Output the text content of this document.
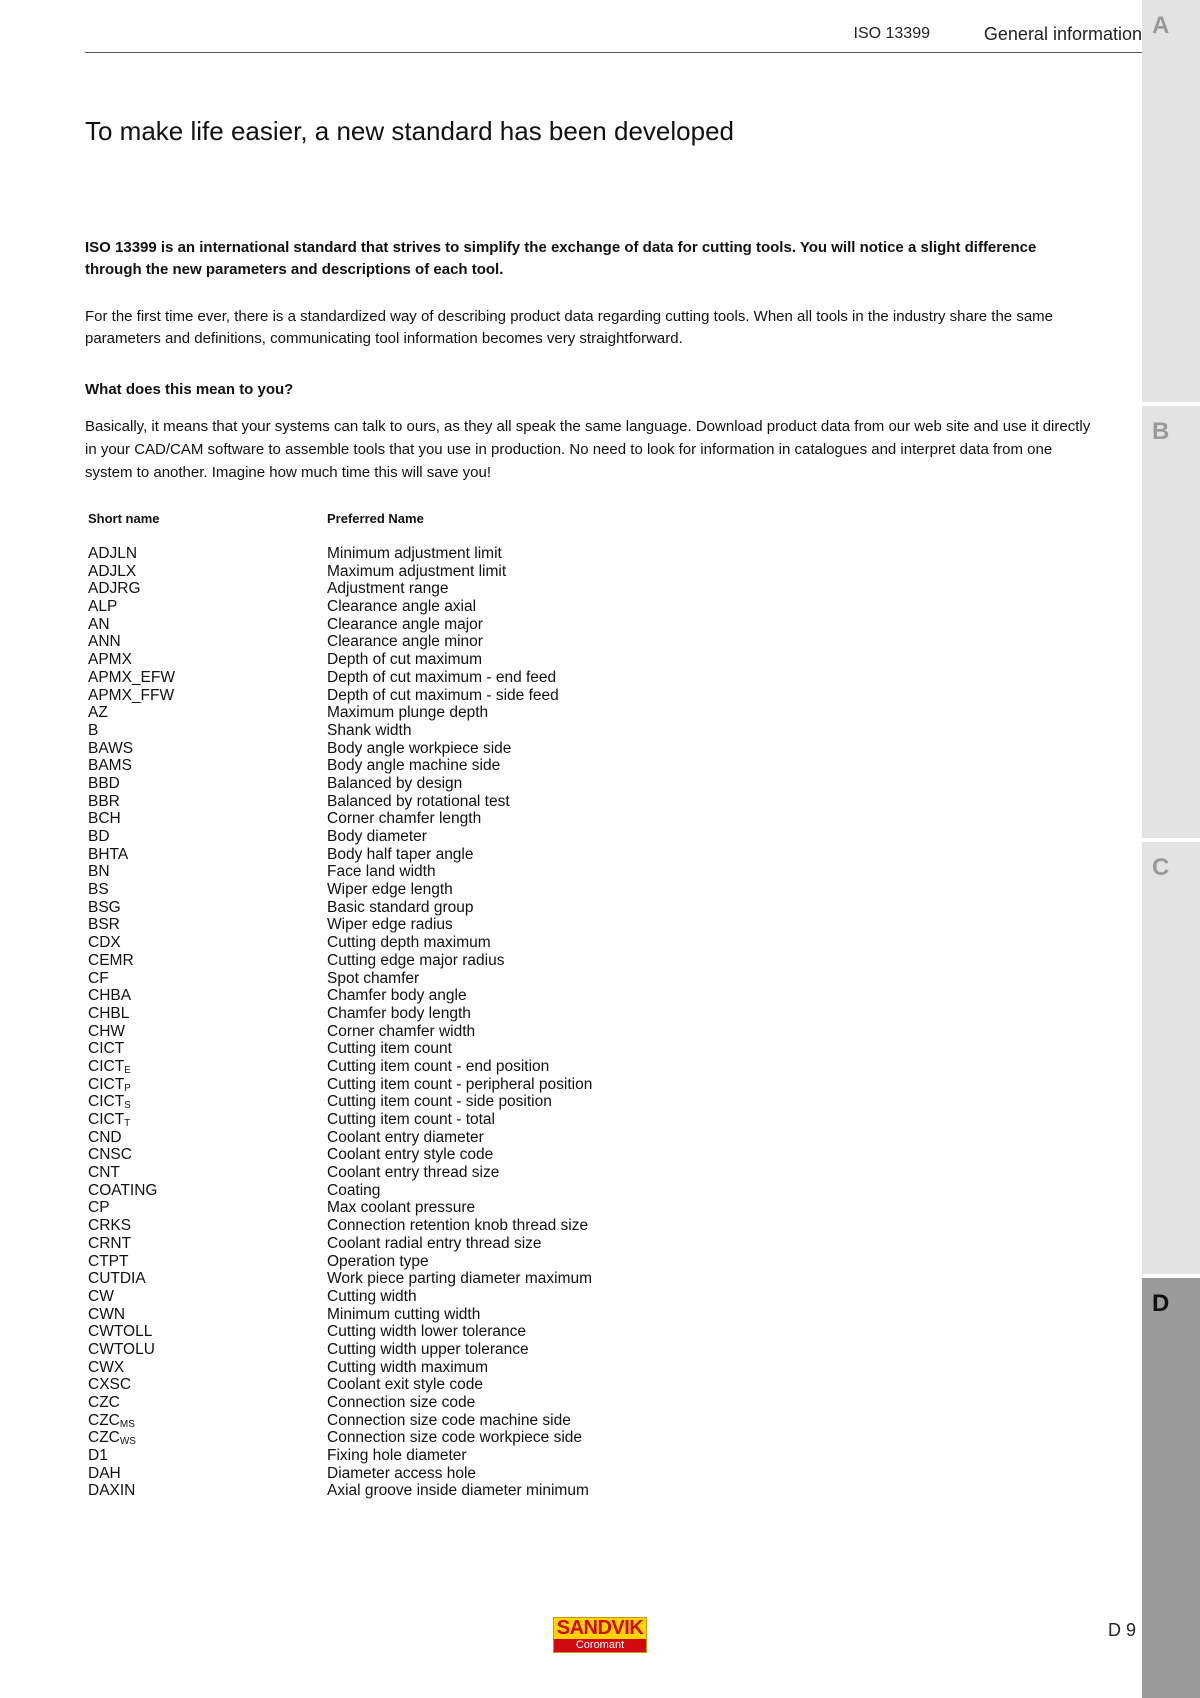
ISO 13399	General information A
B
C
D
To make life easier, a new standard has been developed

ISO 13399 is an international standard that strives to simplify the exchange of data for cutting tools. You will notice a slight difference through the new parameters and descriptions of each tool.

For the first time ever, there is a standardized way of describing product data regarding cutting tools. When all tools in the industry share the same parameters and definitions, communicating tool information becomes very straightforward.

What does this mean to you?

Basically, it means that your systems can talk to ours, as they all speak the same language. Download product data from our web site and use it directly in your CAD/CAM software to assemble tools that you use in production. No need to look for information in catalogues and interpret data from one system to another. Imagine how much time this will save you!

Short name	Preferred Name
ADJLN	Minimum adjustment limit
ADJLX	Maximum adjustment limit
ADJRG	Adjustment range
ALP	Clearance angle axial
AN	Clearance angle major
ANN	Clearance angle minor
APMX	Depth of cut maximum
APMX_EFW	Depth of cut maximum - end feed
APMX_FFW	Depth of cut maximum - side feed
AZ	Maximum plunge depth
B	Shank width
BAWS	Body angle workpiece side
BAMS	Body angle machine side
BBD	Balanced by design
BBR	Balanced by rotational test
BCH	Corner chamfer length
BD	Body diameter
BHTA	Body half taper angle
BN	Face land width
BS	Wiper edge length
BSG	Basic standard group
BSR	Wiper edge radius
CDX	Cutting depth maximum
CEMR	Cutting edge major radius
CF	Spot chamfer
CHBA	Chamfer body angle
CHBL	Chamfer body length
CHW	Corner chamfer width
CICT	Cutting item count
$CICT_E$	Cutting item count - end position
$CICT_P$	Cutting item count - peripheral position
$CICT_S$	Cutting item count - side position
$CICT_T$	Cutting item count - total
CND	Coolant entry diameter
CNSC	Coolant entry style code
CNT	Coolant entry thread size
COATING	Coating
CP	Max coolant pressure
CRKS	Connection retention knob thread size
CRNT	Coolant radial entry thread size
CTPT	Operation type
CUTDIA	Work piece parting diameter maximum
CW	Cutting width
CWN	Minimum cutting width
CWTOLL	Cutting width lower tolerance
CWTOLU	Cutting width upper tolerance
CWX	Cutting width maximum
CXSC	Coolant exit style code
CZC	Connection size code
$CZC_{MS}$	Connection size code machine side
$CZC_{WS}$	Connection size code workpiece side
D1	Fixing hole diameter
DAH	Diameter access hole
DAXIN	Axial groove inside diameter minimum
SANDVIK
Coromant
D 9
